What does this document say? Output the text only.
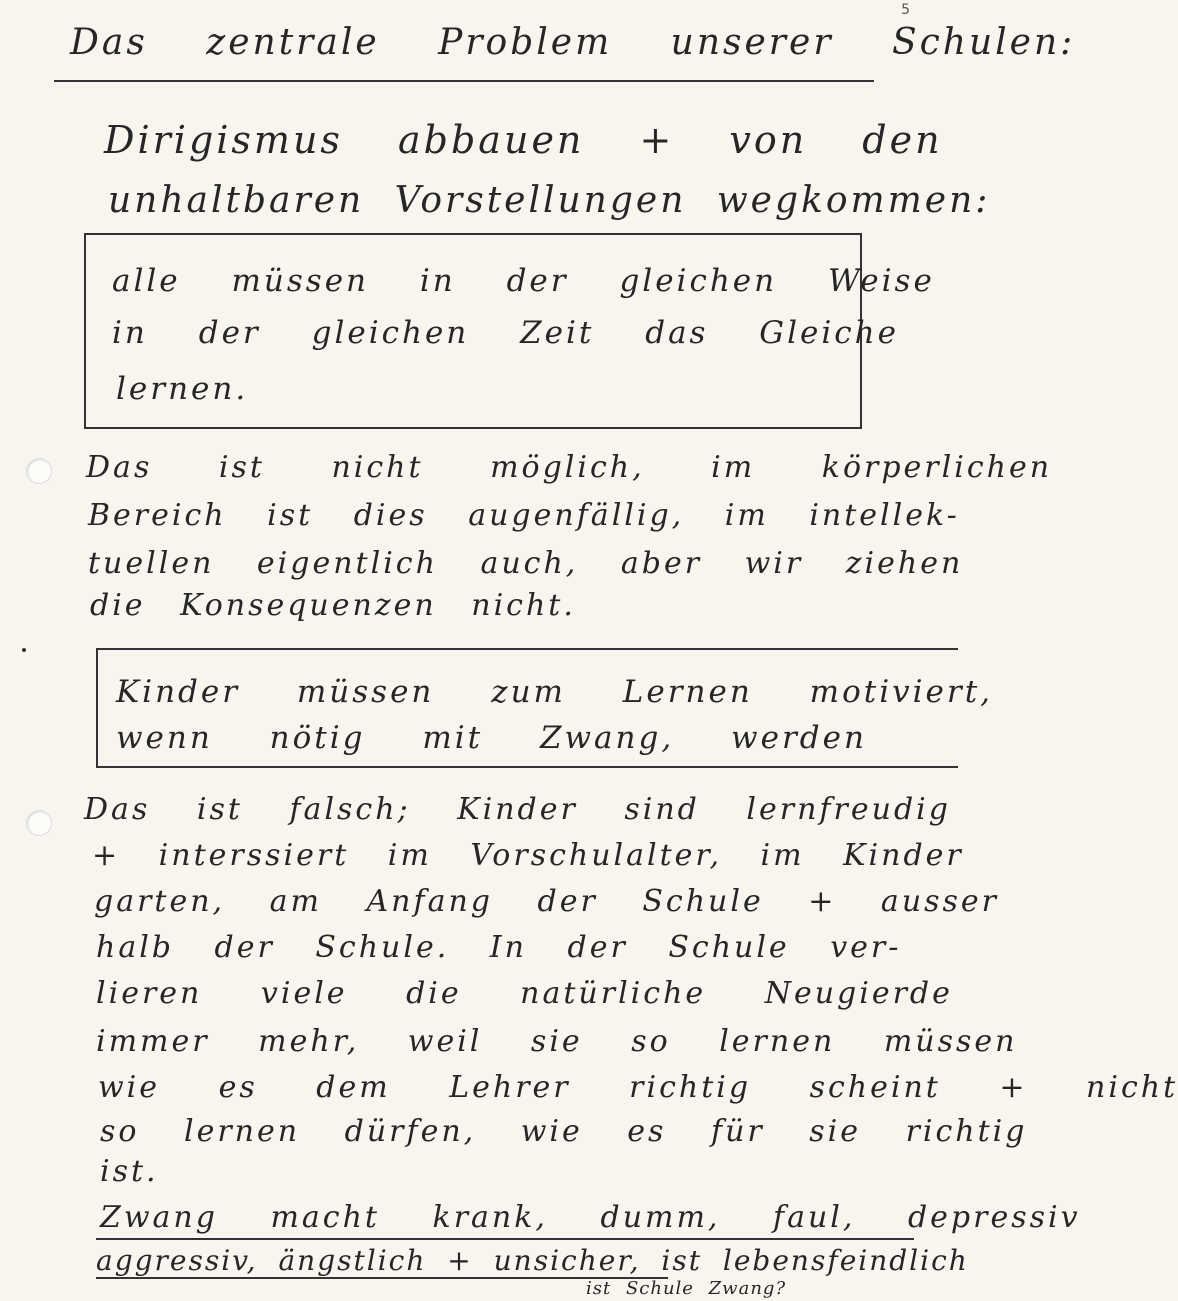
5
Das zentrale Problem unserer Schulen:
Dirigismus abbauen + von den
unhaltbaren Vorstellungen wegkommen:
alle müssen in der gleichen Weise
in der gleichen Zeit das Gleiche
lernen.
Das ist nicht möglich, im körperlichen
Bereich ist dies augenfällig, im intellek-
tuellen eigentlich auch, aber wir ziehen
die Konsequenzen nicht.
Kinder müssen zum Lernen motiviert,
wenn nötig mit Zwang, werden
Das ist falsch; Kinder sind lernfreudig
+ interssiert im Vorschulalter, im Kinder
garten, am Anfang der Schule + ausser
halb der Schule. In der Schule ver-
lieren viele die natürliche Neugierde
immer mehr, weil sie so lernen müssen
wie es dem Lehrer richtig scheint + nicht
so lernen dürfen, wie es für sie richtig
ist.
Zwang macht krank, dumm, faul, depressiv
aggressiv, ängstlich + unsicher, ist lebensfeindlich
ist Schule Zwang?
